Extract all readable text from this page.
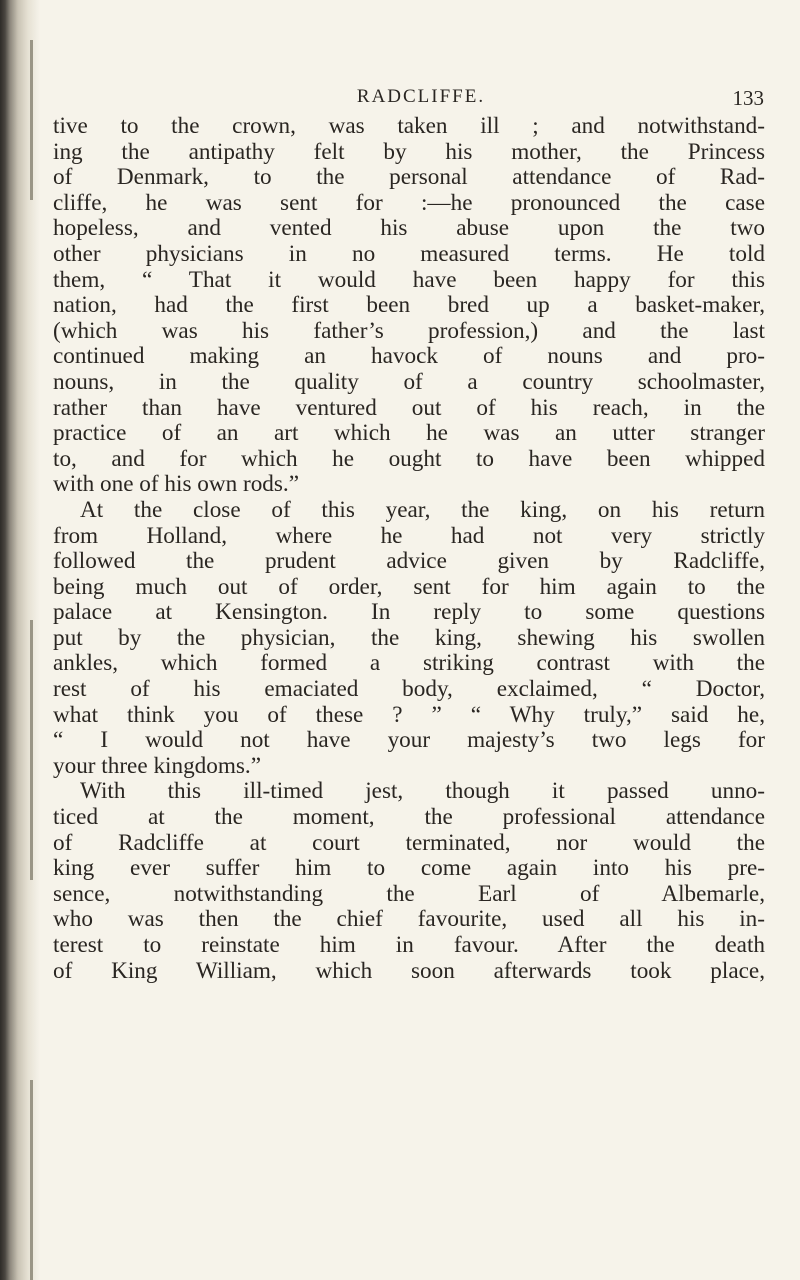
RADCLIFFE.	133
tive to the crown, was taken ill ; and notwithstand-
ing the antipathy felt by his mother, the Princess
of Denmark, to the personal attendance of Rad-
cliffe, he was sent for :—he pronounced the case
hopeless, and vented his abuse upon the two
other physicians in no measured terms. He told
them, “ That it would have been happy for this
nation, had the first been bred up a basket-maker,
(which was his father’s profession,) and the last
continued making an havock of nouns and pro-
nouns, in the quality of a country schoolmaster,
rather than have ventured out of his reach, in the
practice of an art which he was an utter stranger
to, and for which he ought to have been whipped
with one of his own rods.”
At the close of this year, the king, on his return
from Holland, where he had not very strictly
followed the prudent advice given by Radcliffe,
being much out of order, sent for him again to the
palace at Kensington. In reply to some questions
put by the physician, the king, shewing his swollen
ankles, which formed a striking contrast with the
rest of his emaciated body, exclaimed, “ Doctor,
what think you of these ? ” “ Why truly,” said he,
“ I would not have your majesty’s two legs for
your three kingdoms.”
With this ill-timed jest, though it passed unno-
ticed at the moment, the professional attendance
of Radcliffe at court terminated, nor would the
king ever suffer him to come again into his pre-
sence, notwithstanding the Earl of Albemarle,
who was then the chief favourite, used all his in-
terest to reinstate him in favour. After the death
of King William, which soon afterwards took place,
